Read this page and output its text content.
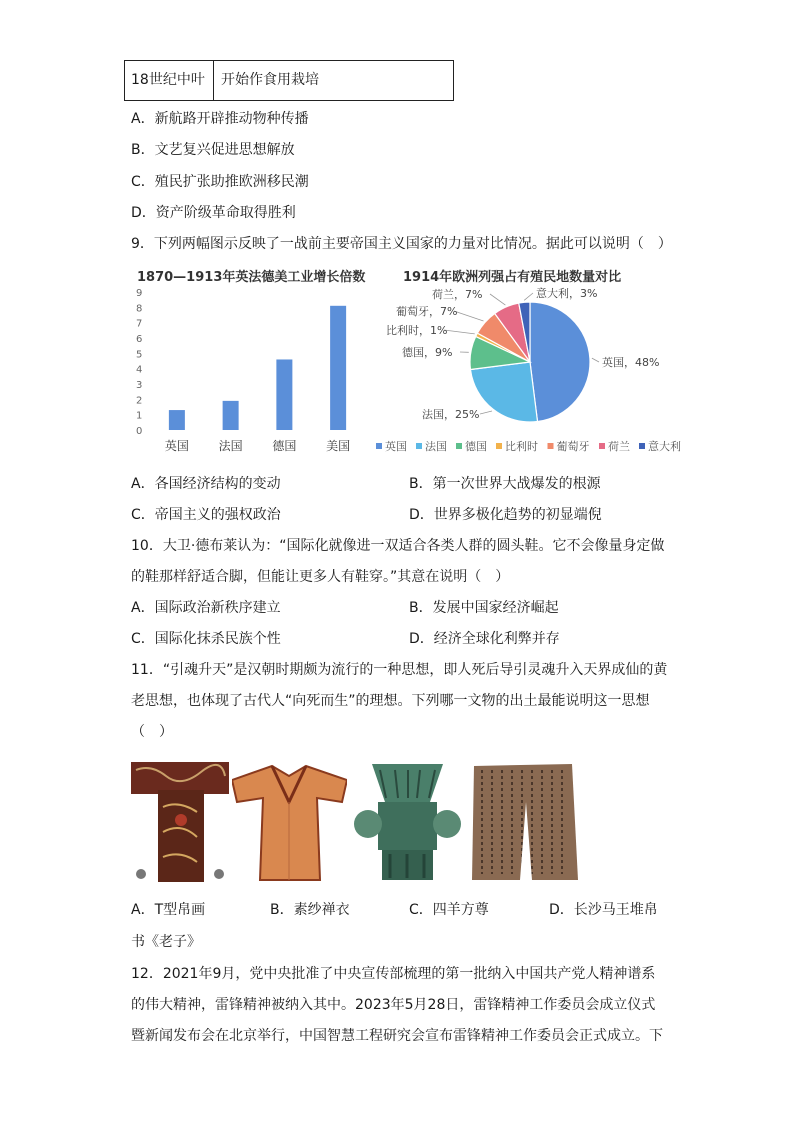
18世纪中叶	开始作食用栽培
A．新航路开辟推动物种传播
B．文艺复兴促进思想解放
C．殖民扩张助推欧洲移民潮
D．资产阶级革命取得胜利
9．下列两幅图示反映了一战前主要帝国主义国家的力量对比情况。据此可以说明（　）
1870—1913年英法德美工业增长倍数
0
1
2
3
4
5
6
7
8
9
英国 法国 德国 美国
1914年欧洲列强占有殖民地数量对比
英国，48%
法国，25%
德国，9%
比利时，1%
葡萄牙，7%
荷兰，7%	意大利，3%
英国 法国 德国 比利时 葡萄牙 荷兰 意大利
A．各国经济结构的变动	B．第一次世界大战爆发的根源
C．帝国主义的强权政治	D．世界多极化趋势的初显端倪
10．大卫·德布莱认为：“国际化就像进一双适合各类人群的圆头鞋。它不会像量身定做
的鞋那样舒适合脚，但能让更多人有鞋穿。”其意在说明（　）
A．国际政治新秩序建立	B．发展中国家经济崛起
C．国际化抹杀民族个性	D．经济全球化利弊并存
11．“引魂升天”是汉朝时期颇为流行的一种思想，即人死后导引灵魂升入天界成仙的黄
老思想，也体现了古代人“向死而生”的理想。下列哪一文物的出土最能说明这一思想
（　）
A．T型帛画	B．素纱禅衣	C．四羊方尊	D．长沙马王堆帛
书《老子》
12．2021年9月，党中央批准了中央宣传部梳理的第一批纳入中国共产党人精神谱系
的伟大精神，雷锋精神被纳入其中。2023年5月28日，雷锋精神工作委员会成立仪式
暨新闻发布会在北京举行，中国智慧工程研究会宣布雷锋精神工作委员会正式成立。下
